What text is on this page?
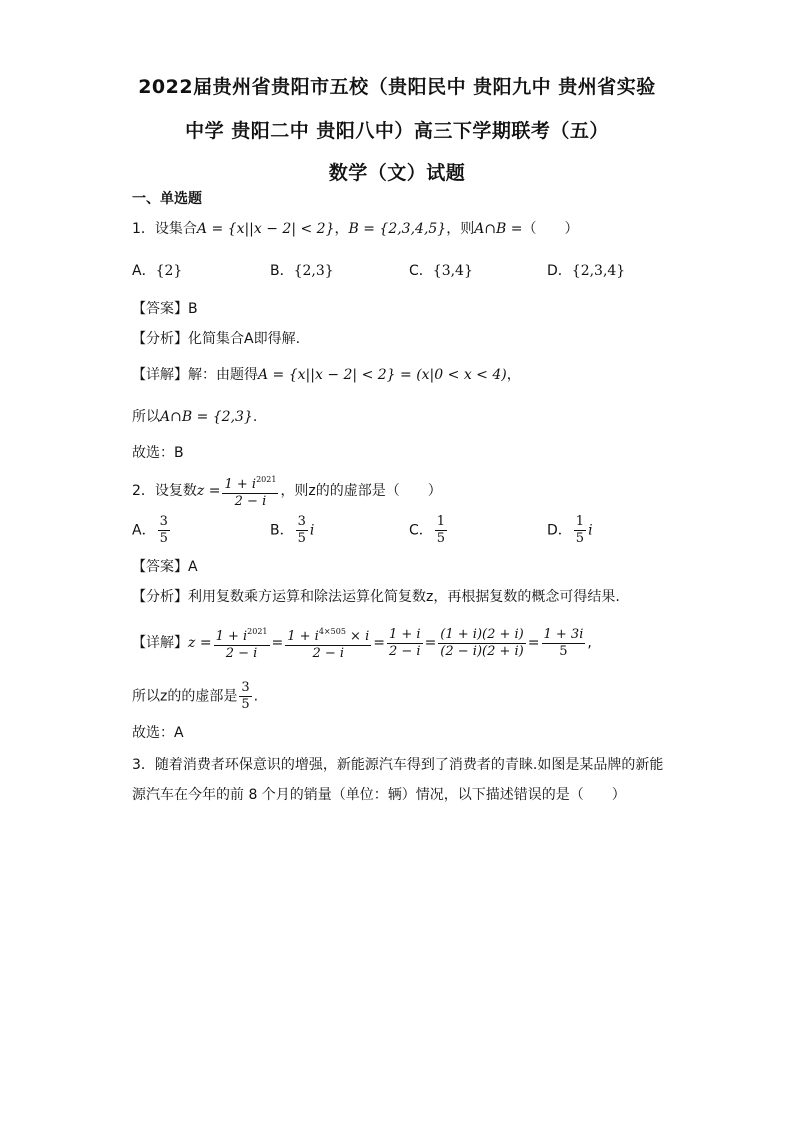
2022届贵州省贵阳市五校（贵阳民中 贵阳九中 贵州省实验
中学 贵阳二中 贵阳八中）高三下学期联考（五）
数学（文）试题
一、单选题
1．设集合A = {x||x − 2| < 2}，B = {2,3,4,5}，则A∩B =（　　）
A．{2}	B．{2,3}	C．{3,4}	D．{2,3,4}
【答案】B
【分析】化简集合A即得解.
【详解】解：由题得A = {x||x − 2| < 2} = (x|0 < x < 4)，
所以A∩B = {2,3}.
故选：B
2．设复数$z = \frac{1 + i^{2021}}{2 - i}$ ，则z的的虚部是（　　）
A． $\frac{3}{5}$	B． $\frac{3}{5}$ i	C． $\frac{1}{5}$	D． $\frac{1}{5}$ i
【答案】A
【分析】利用复数乘方运算和除法运算化简复数z，再根据复数的概念可得结果.
【详解】$z = \frac{1 + i^{2021}}{2 - i} = \frac{1 + i^{4\times 505} \times i}{2 - i} = \frac{1 + i}{2 - i} = \frac{(1 + i)(2 + i)}{(2 - i)(2 + i)} = \frac{1 + 3i}{5}$ ,
所以z的的虚部是 $\frac{3}{5}$ .
故选：A
3．随着消费者环保意识的增强，新能源汽车得到了消费者的青睐.如图是某品牌的新能
源汽车在今年的前 8 个月的销量（单位：辆）情况，以下描述错误的是（　　）
